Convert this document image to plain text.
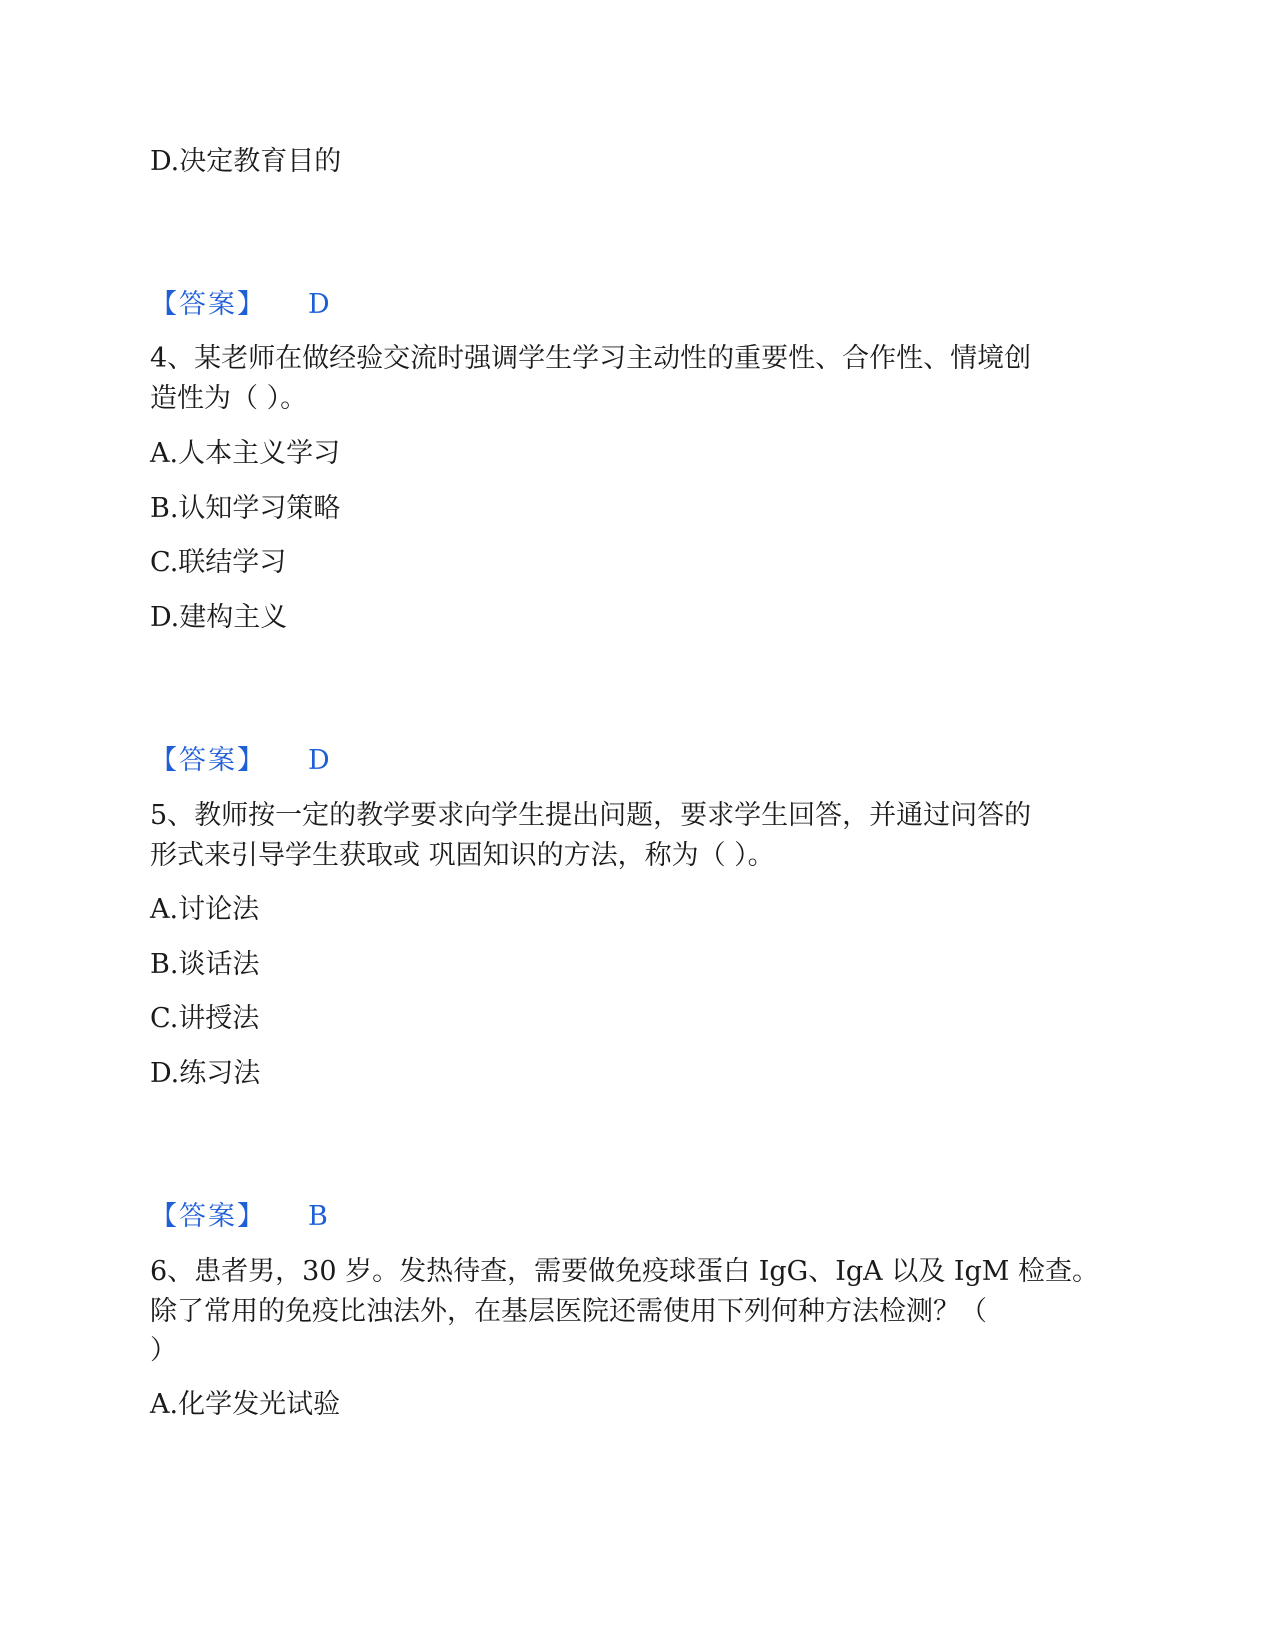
D.决定教育目的
【答案】 D
4、某老师在做经验交流时强调学生学习主动性的重要性、合作性、情境创
造性为（ ）。
A.人本主义学习
B.认知学习策略
C.联结学习
D.建构主义
【答案】 D
5、教师按一定的教学要求向学生提出问题，要求学生回答，并通过问答的
形式来引导学生获取或 巩固知识的方法，称为（ ）。
A.讨论法
B.谈话法
C.讲授法
D.练习法
【答案】 B
6、患者男，30 岁。发热待查，需要做免疫球蛋白 IgG、IgA 以及 IgM 检查。
除了常用的免疫比浊法外，在基层医院还需使用下列何种方法检测？（
）
A.化学发光试验
